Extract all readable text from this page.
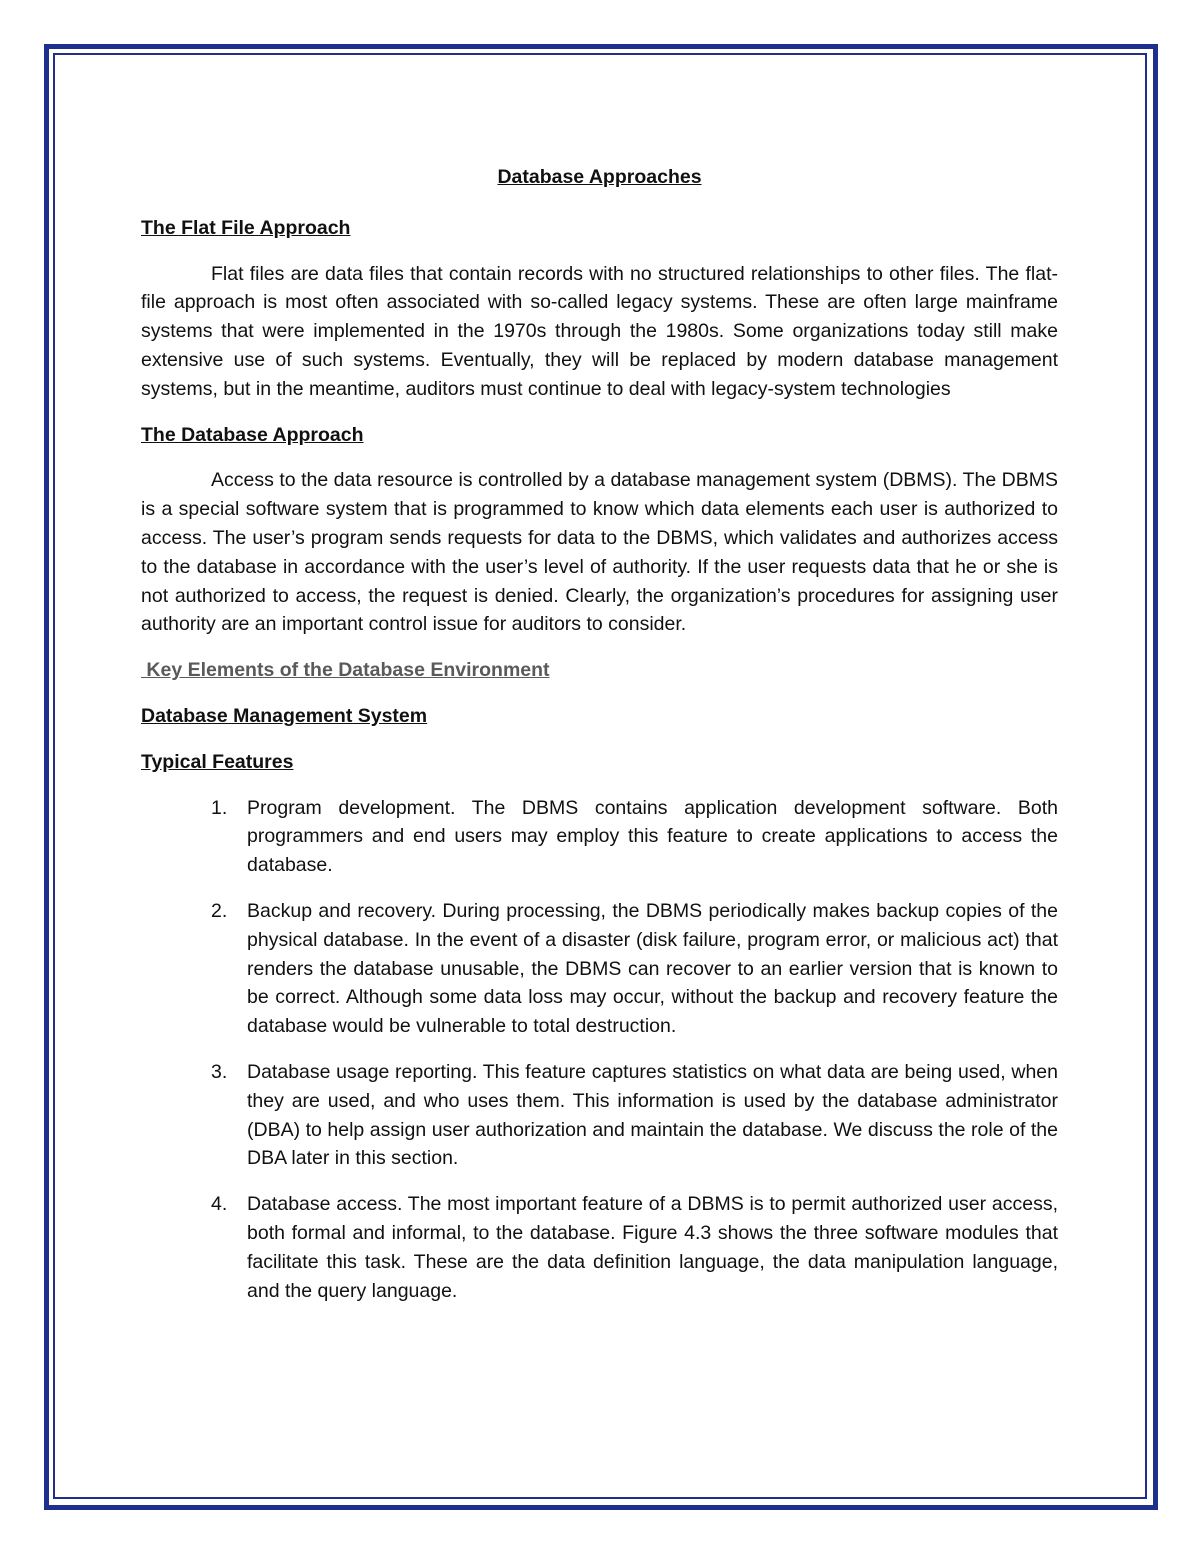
Database Approaches
The Flat File Approach

Flat files are data files that contain records with no structured relationships to other files. The flat-file approach is most often associated with so-called legacy systems. These are often large mainframe systems that were implemented in the 1970s through the 1980s. Some organizations today still make extensive use of such systems. Eventually, they will be replaced by modern database management systems, but in the meantime, auditors must continue to deal with legacy-system technologies

The Database Approach

Access to the data resource is controlled by a database management system (DBMS). The DBMS is a special software system that is programmed to know which data elements each user is authorized to access. The user’s program sends requests for data to the DBMS, which validates and authorizes access to the database in accordance with the user’s level of authority. If the user requests data that he or she is not authorized to access, the request is denied. Clearly, the organization’s procedures for assigning user authority are an important control issue for auditors to consider.

Key Elements of the Database Environment
Database Management System
Typical Features
1. Program development. The DBMS contains application development software. Both programmers and end users may employ this feature to create applications to access the database.
2. Backup and recovery. During processing, the DBMS periodically makes backup copies of the physical database. In the event of a disaster (disk failure, program error, or malicious act) that renders the database unusable, the DBMS can recover to an earlier version that is known to be correct. Although some data loss may occur, without the backup and recovery feature the database would be vulnerable to total destruction.
3. Database usage reporting. This feature captures statistics on what data are being used, when they are used, and who uses them. This information is used by the database administrator (DBA) to help assign user authorization and maintain the database. We discuss the role of the DBA later in this section.
4. Database access. The most important feature of a DBMS is to permit authorized user access, both formal and informal, to the database. Figure 4.3 shows the three software modules that facilitate this task. These are the data definition language, the data manipulation language, and the query language.
